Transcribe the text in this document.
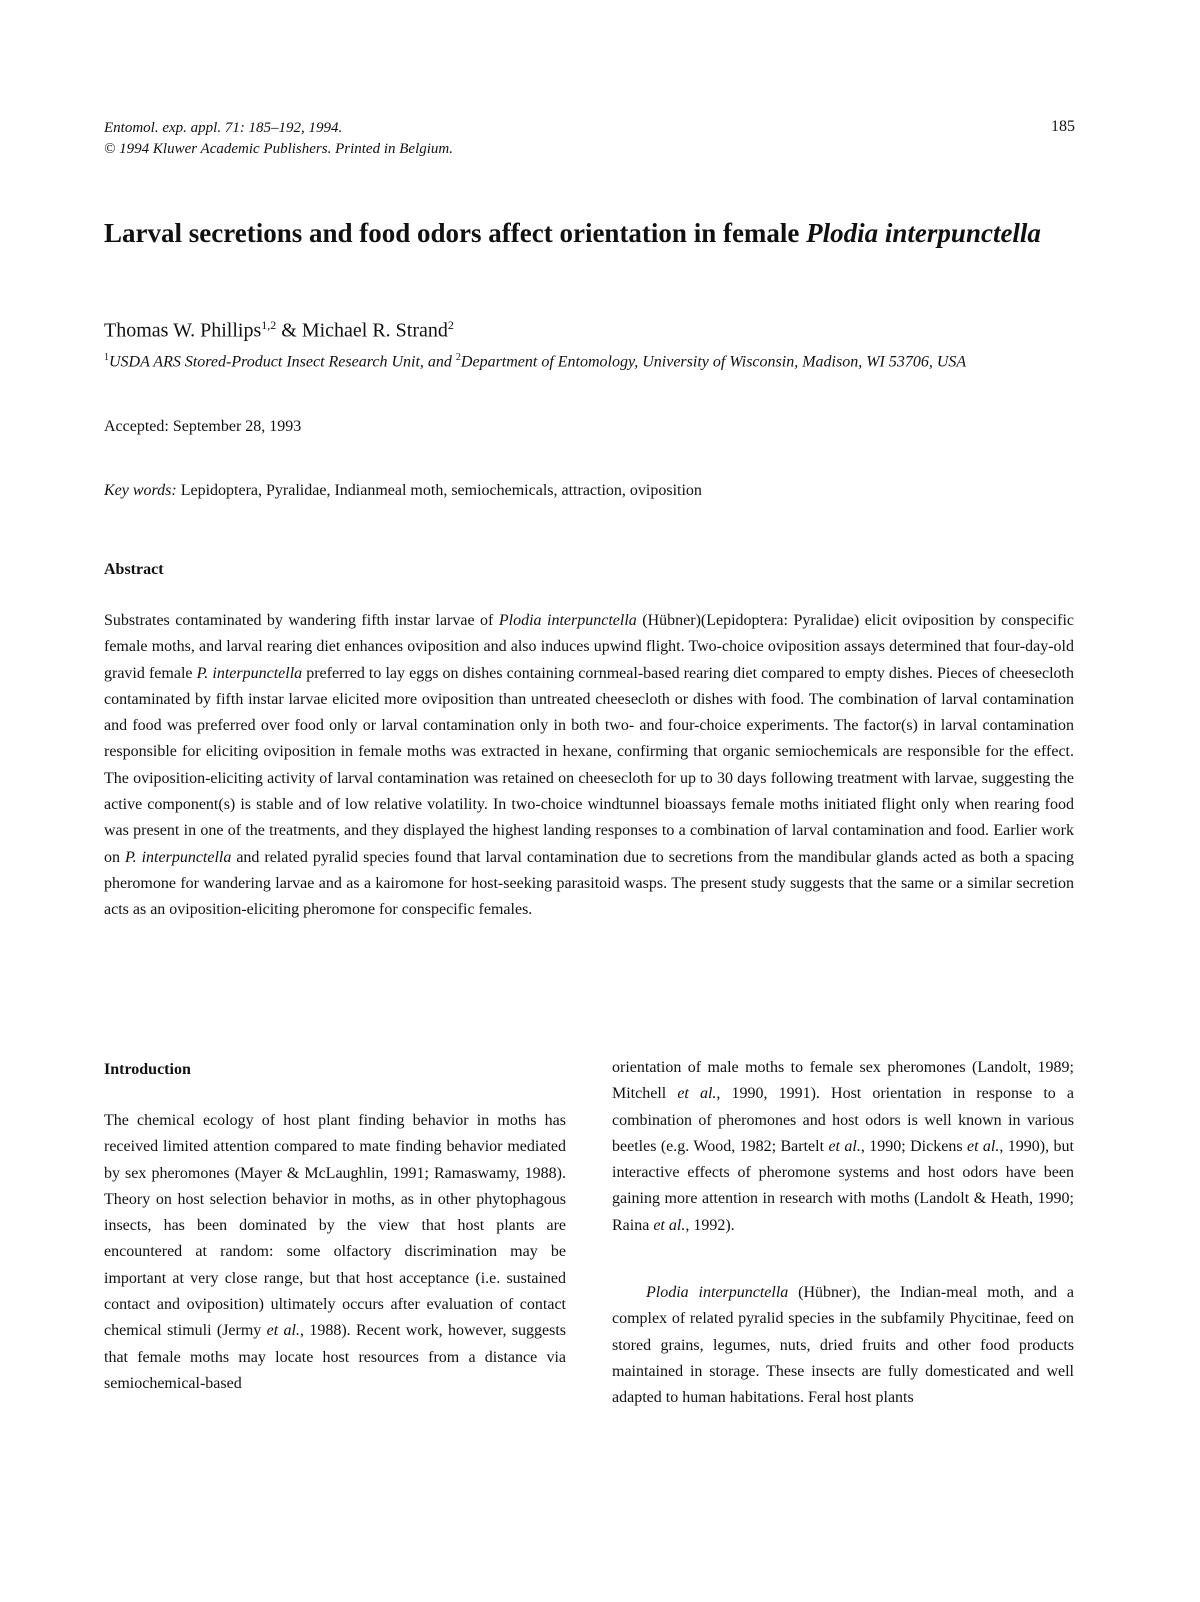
Entomol. exp. appl. 71: 185–192, 1994.
© 1994 Kluwer Academic Publishers. Printed in Belgium.
185
Larval secretions and food odors affect orientation in female Plodia interpunctella
Thomas W. Phillips$^{1,2}$ & Michael R. Strand$^2$
$^1$USDA ARS Stored-Product Insect Research Unit, and $^2$Department of Entomology, University of Wisconsin, Madison, WI 53706, USA
Accepted: September 28, 1993
Key words: Lepidoptera, Pyralidae, Indianmeal moth, semiochemicals, attraction, oviposition
Abstract

Substrates contaminated by wandering fifth instar larvae of Plodia interpunctella (Hübner)(Lepidoptera: Pyralidae) elicit oviposition by conspecific female moths, and larval rearing diet enhances oviposition and also induces upwind flight. Two-choice oviposition assays determined that four-day-old gravid female P. interpunctella preferred to lay eggs on dishes containing cornmeal-based rearing diet compared to empty dishes. Pieces of cheesecloth contaminated by fifth instar larvae elicited more oviposition than untreated cheesecloth or dishes with food. The combination of larval contamination and food was preferred over food only or larval contamination only in both two- and four-choice experiments. The factor(s) in larval contamination responsible for eliciting oviposition in female moths was extracted in hexane, confirming that organic semiochemicals are responsible for the effect. The oviposition-eliciting activity of larval contamination was retained on cheesecloth for up to 30 days following treatment with larvae, suggesting the active component(s) is stable and of low relative volatility. In two-choice windtunnel bioassays female moths initiated flight only when rearing food was present in one of the treatments, and they displayed the highest landing responses to a combination of larval contamination and food. Earlier work on P. interpunctella and related pyralid species found that larval contamination due to secretions from the mandibular glands acted as both a spacing pheromone for wandering larvae and as a kairomone for host-seeking parasitoid wasps. The present study suggests that the same or a similar secretion acts as an oviposition-eliciting pheromone for conspecific females.

Introduction

The chemical ecology of host plant finding behavior in moths has received limited attention compared to mate finding behavior mediated by sex pheromones (Mayer & McLaughlin, 1991; Ramaswamy, 1988). Theory on host selection behavior in moths, as in other phytophagous insects, has been dominated by the view that host plants are encountered at random: some olfactory discrimination may be important at very close range, but that host acceptance (i.e. sustained contact and oviposition) ultimately occurs after evaluation of contact chemical stimuli (Jermy et al., 1988). Recent work, however, suggests that female moths may locate host resources from a distance via semiochemical-based

orientation of male moths to female sex pheromones (Landolt, 1989; Mitchell et al., 1990, 1991). Host orientation in response to a combination of pheromones and host odors is well known in various beetles (e.g. Wood, 1982; Bartelt et al., 1990; Dickens et al., 1990), but interactive effects of pheromone systems and host odors have been gaining more attention in research with moths (Landolt & Heath, 1990; Raina et al., 1992).

Plodia interpunctella (Hübner), the Indian-meal moth, and a complex of related pyralid species in the subfamily Phycitinae, feed on stored grains, legumes, nuts, dried fruits and other food products maintained in storage. These insects are fully domesticated and well adapted to human habitations. Feral host plants
